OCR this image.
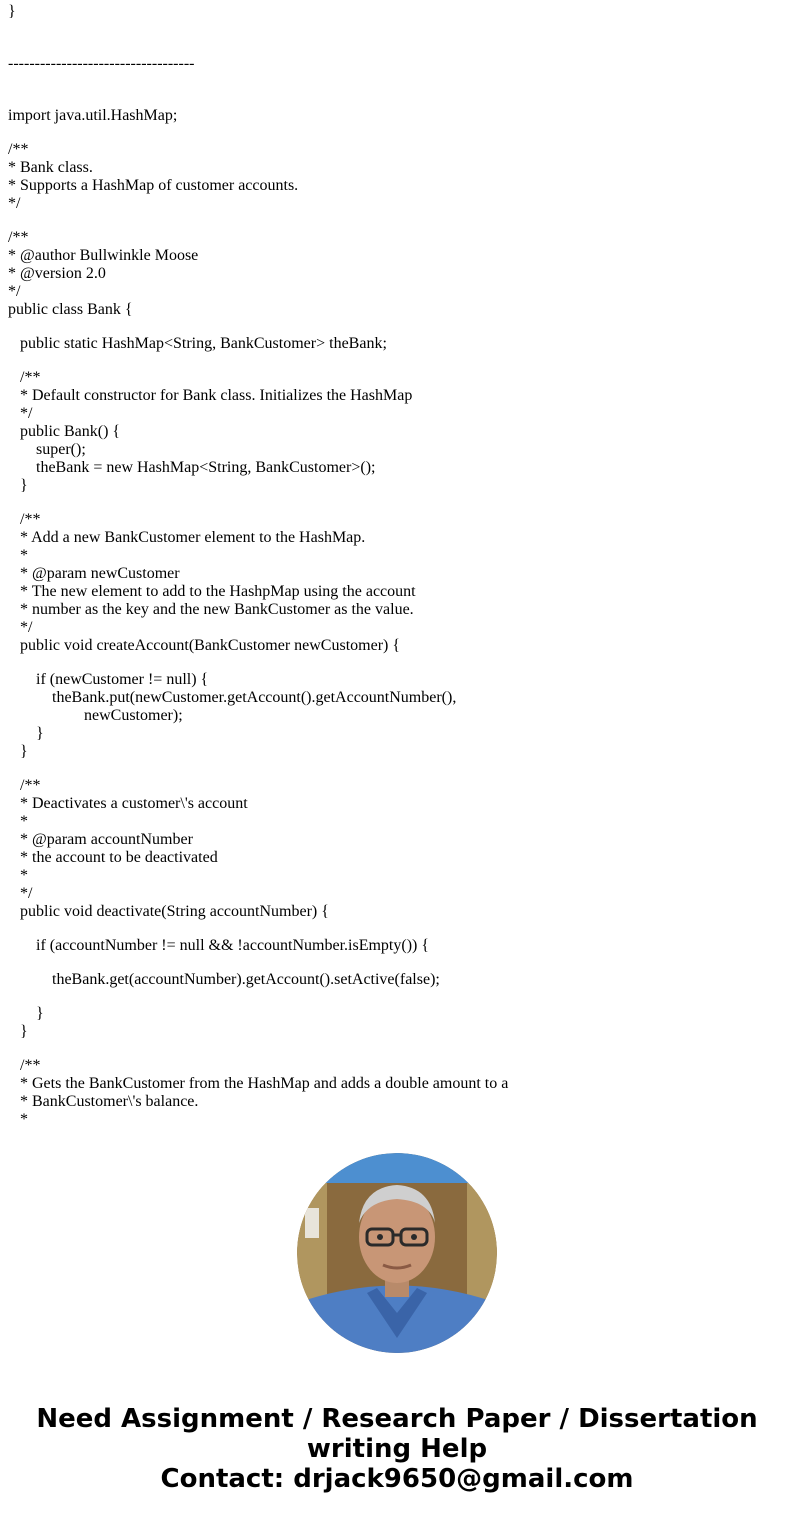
}

-----------------------------------

import java.util.HashMap;

/**

* Bank class.

* Supports a HashMap of customer accounts.

*/

/**

* @author Bullwinkle Moose

* @version 2.0

*/

public class Bank {

public static HashMap<String, BankCustomer> theBank;

/**

* Default constructor for Bank class. Initializes the HashMap

*/

public Bank() {

super();

theBank = new HashMap<String, BankCustomer>();

}

/**

* Add a new BankCustomer element to the HashMap.

*

* @param newCustomer

* The new element to add to the HashpMap using the account

* number as the key and the new BankCustomer as the value.

*/

public void createAccount(BankCustomer newCustomer) {

if (newCustomer != null) {

theBank.put(newCustomer.getAccount().getAccountNumber(),

newCustomer);

}

}

/**

* Deactivates a customer\'s account

*

* @param accountNumber

* the account to be deactivated

*

*/

public void deactivate(String accountNumber) {

if (accountNumber != null && !accountNumber.isEmpty()) {

theBank.get(accountNumber).getAccount().setActive(false);

}

}

/**

* Gets the BankCustomer from the HashMap and adds a double amount to a

* BankCustomer\'s balance.

*

Need Assignment / Research Paper / Dissertation

writing Help

Contact: drjack9650@gmail.com
